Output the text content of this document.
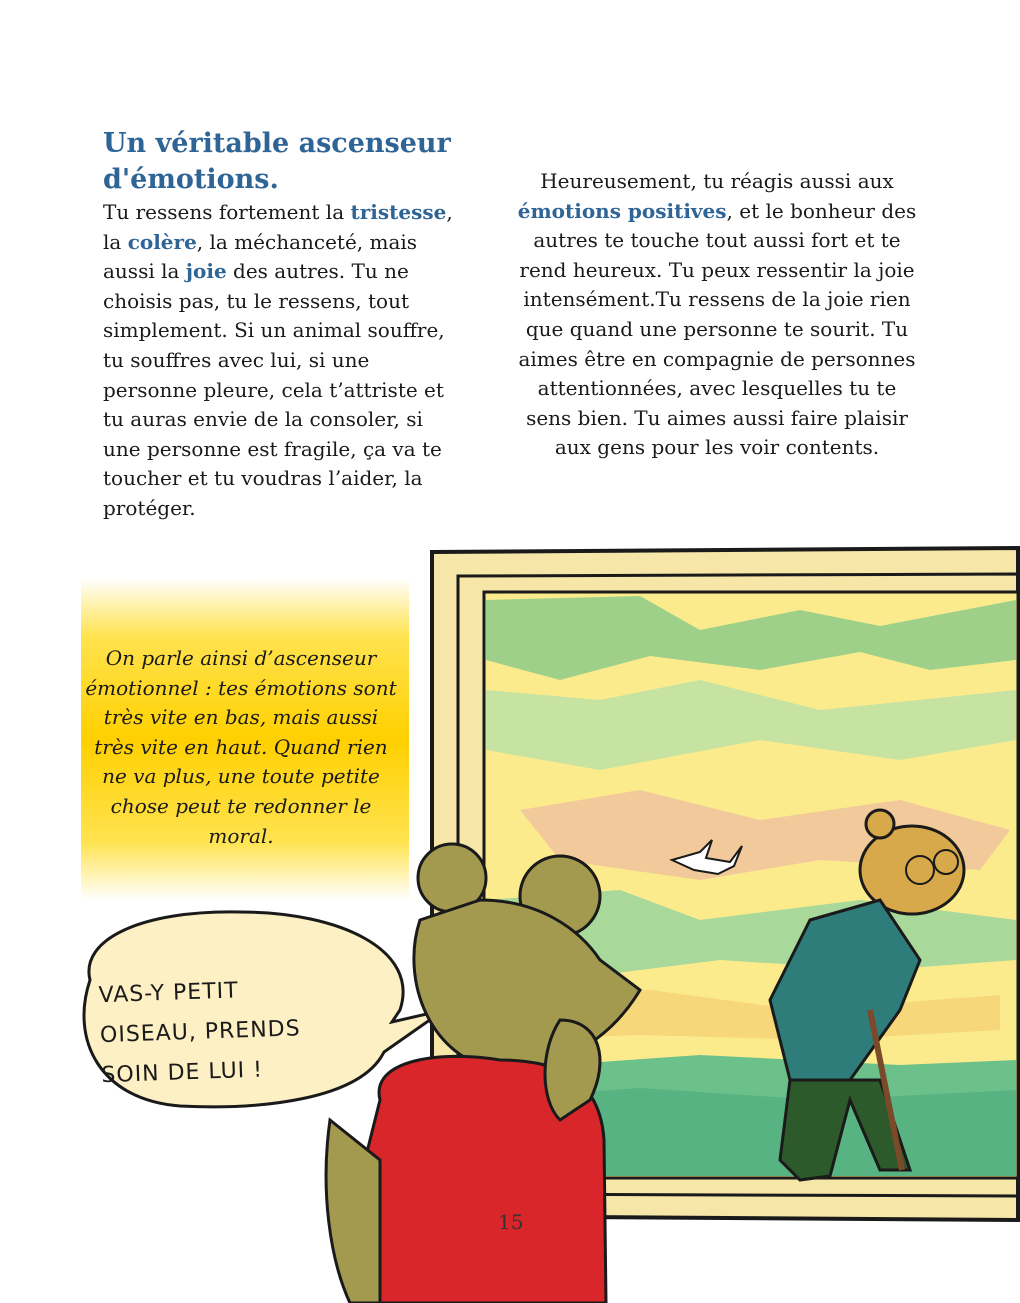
Un véritable ascenseur d'émotions.

Tu ressens fortement la tristesse, la colère, la méchanceté, mais aussi la joie des autres. Tu ne choisis pas, tu le ressens, tout simplement. Si un animal souffre, tu souffres avec lui, si une personne pleure, cela t’attriste et tu auras envie de la consoler, si une personne est fragile, ça va te toucher et tu voudras l’aider, la protéger.

Heureusement, tu réagis aussi aux émotions positives, et le bonheur des autres te touche tout aussi fort et te rend heureux. Tu peux ressentir la joie intensément.Tu ressens de la joie rien que quand une personne te sourit. Tu aimes être en compagnie de personnes attentionnées, avec lesquelles tu te sens bien. Tu aimes aussi faire plaisir aux gens pour les voir contents.

On parle ainsi d’ascenseur émotionnel : tes émotions sont très vite en bas, mais aussi très vite en haut. Quand rien ne va plus, une toute petite chose peut te redonner le moral.

VAS-Y PETIT
OISEAU, PRENDS
SOIN DE LUI !

15
